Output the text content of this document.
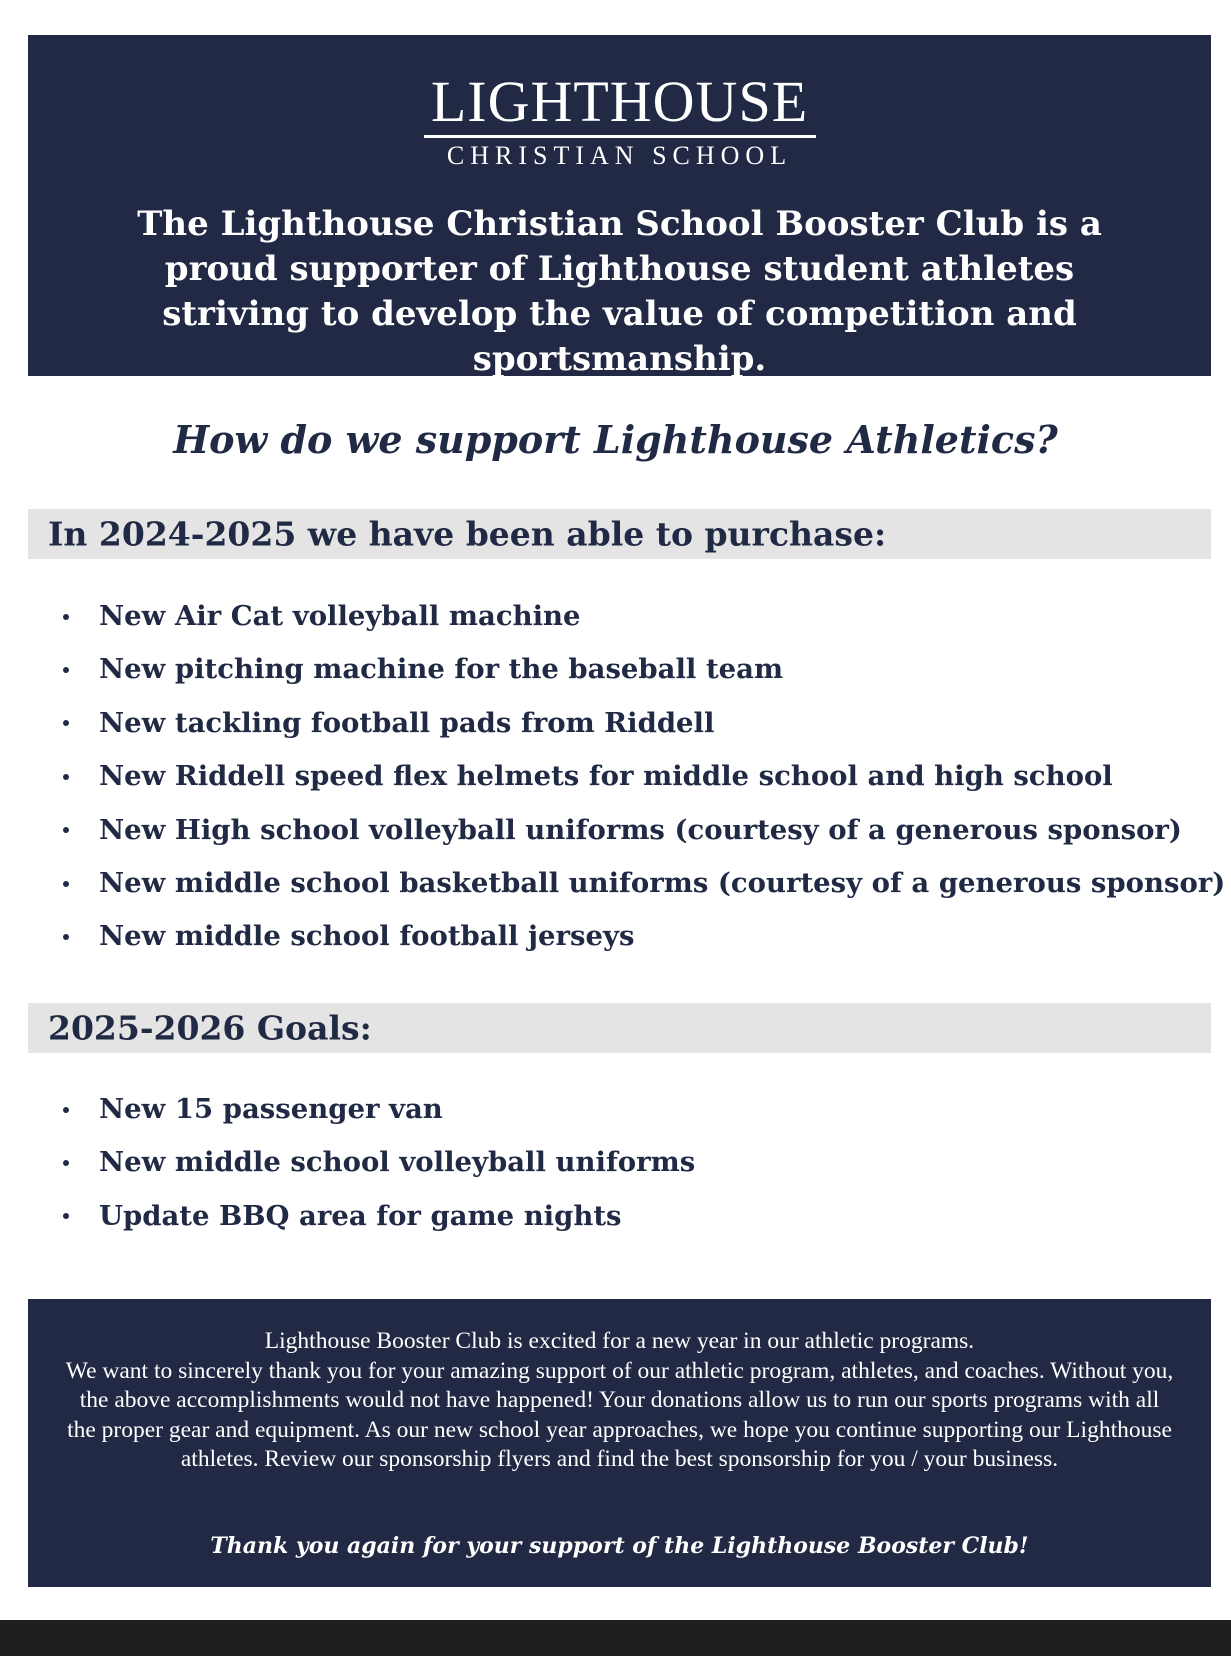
LIGHTHOUSE
CHRISTIAN SCHOOL

The Lighthouse Christian School Booster Club is a proud supporter of Lighthouse student athletes striving to develop the value of competition and sportsmanship.

How do we support Lighthouse Athletics?
In 2024-2025 we have been able to purchase:
New Air Cat volleyball machine
New pitching machine for the baseball team
New tackling football pads from Riddell
New Riddell speed flex helmets for middle school and high school
New High school volleyball uniforms (courtesy of a generous sponsor)
New middle school basketball uniforms (courtesy of a generous sponsor)
New middle school football jerseys
2025-2026 Goals:
New 15 passenger van
New middle school volleyball uniforms
Update BBQ area for game nights

Lighthouse Booster Club is excited for a new year in our athletic programs.
We want to sincerely thank you for your amazing support of our athletic program, athletes, and coaches. Without you, the above accomplishments would not have happened! Your donations allow us to run our sports programs with all the proper gear and equipment. As our new school year approaches, we hope you continue supporting our Lighthouse athletes. Review our sponsorship flyers and find the best sponsorship for you / your business.

Thank you again for your support of the Lighthouse Booster Club!
